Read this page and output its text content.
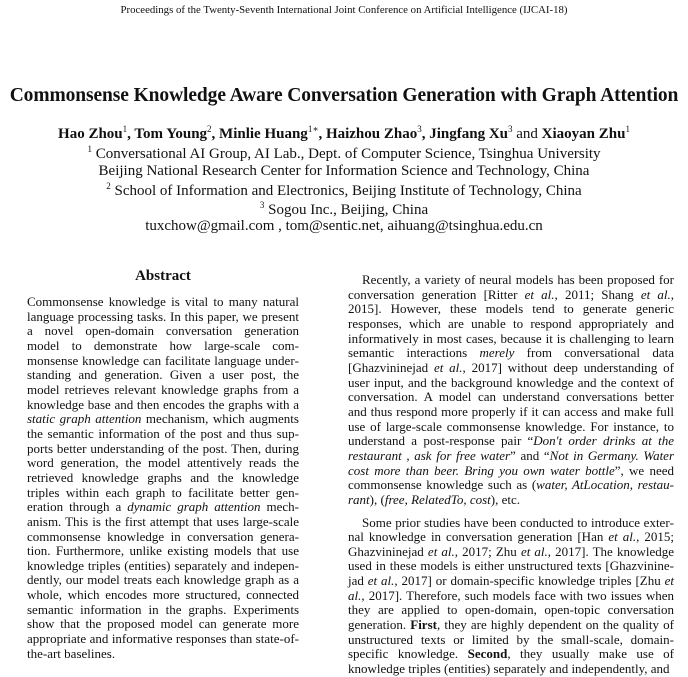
Proceedings of the Twenty-Seventh International Joint Conference on Artificial Intelligence (IJCAI-18)
Commonsense Knowledge Aware Conversation Generation with Graph Attention
Hao Zhou$^1$, Tom Young$^2$, Minlie Huang$^{1∗}$, Haizhou Zhao$^3$, Jingfang Xu$^3$ and Xiaoyan Zhu$^1$
$^1$ Conversational AI Group, AI Lab., Dept. of Computer Science, Tsinghua University
Beijing National Research Center for Information Science and Technology, China
$^2$ School of Information and Electronics, Beijing Institute of Technology, China
$^3$ Sogou Inc., Beijing, China
tuxchow@gmail.com , tom@sentic.net, aihuang@tsinghua.edu.cn
Abstract

Commonsense knowledge is vital to many natural language processing tasks. In this paper, we present a novel open-domain conversation generation model to demonstrate how large-scale commonsense knowledge can facilitate language understanding and generation. Given a user post, the model retrieves relevant knowledge graphs from a knowledge base and then encodes the graphs with a static graph attention mechanism, which augments the semantic information of the post and thus supports better understanding of the post. Then, during word generation, the model attentively reads the retrieved knowledge graphs and the knowledge triples within each graph to facilitate better generation through a dynamic graph attention mechanism. This is the first attempt that uses large-scale commonsense knowledge in conversation generation. Furthermore, unlike existing models that use knowledge triples (entities) separately and independently, our model treats each knowledge graph as a whole, which encodes more structured, connected semantic information in the graphs. Experiments show that the proposed model can generate more appropriate and informative responses than state-of-the-art baselines.

Recently, a variety of neural models has been proposed for conversation generation [Ritter et al., 2011; Shang et al., 2015]. However, these models tend to generate generic responses, which are unable to respond appropriately and informatively in most cases, because it is challenging to learn semantic interactions merely from conversational data [Ghazvininejad et al., 2017] without deep understanding of user input, and the background knowledge and the context of conversation. A model can understand conversations better and thus respond more properly if it can access and make full use of large-scale commonsense knowledge. For instance, to understand a post-response pair “Don't order drinks at the restaurant , ask for free water” and “Not in Germany. Water cost more than beer. Bring you own water bottle”, we need commonsense knowledge such as (water, AtLocation, restaurant), (free, RelatedTo, cost), etc.

Some prior studies have been conducted to introduce external knowledge in conversation generation [Han et al., 2015; Ghazvininejad et al., 2017; Zhu et al., 2017]. The knowledge used in these models is either unstructured texts [Ghazvininejad et al., 2017] or domain-specific knowledge triples [Zhu et al., 2017]. Therefore, such models face with two issues when they are applied to open-domain, open-topic conversation generation. First, they are highly dependent on the quality of unstructured texts or limited by the small-scale, domain-specific knowledge. Second, they usually make use of knowledge triples (entities) separately and independently, and
